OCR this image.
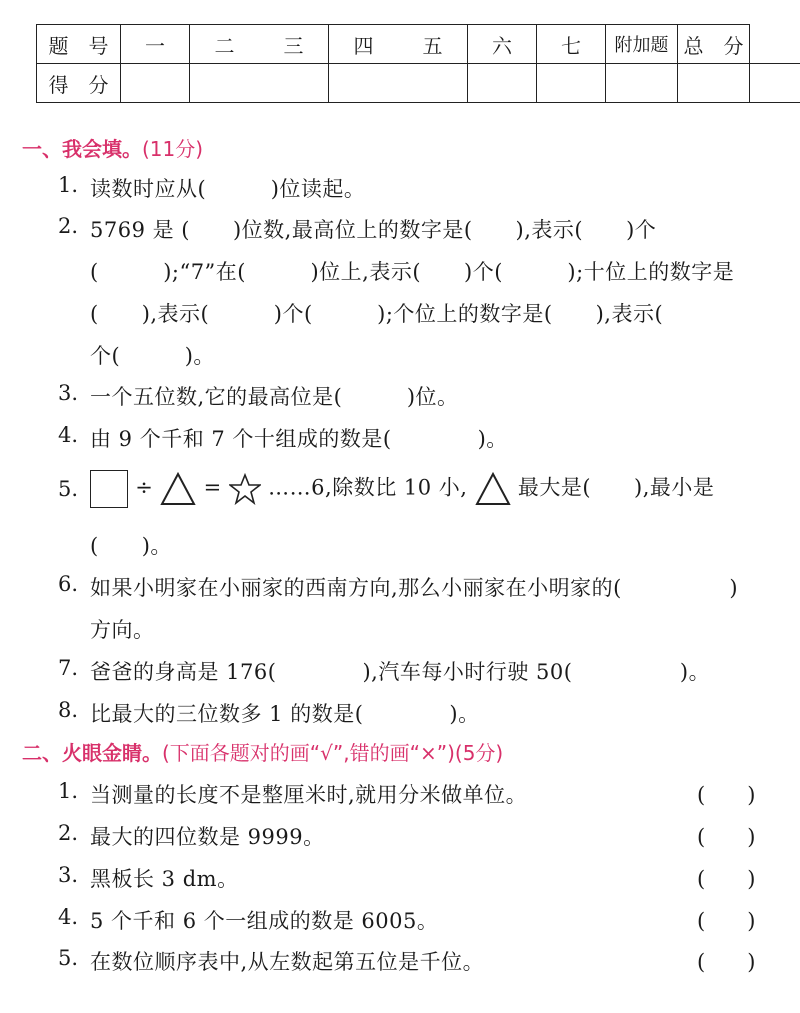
题　号	一	二 三	四 五	六	七	附加题	总　分		
得　分									
一、我会填。(11分)
1. 读数时应从(　　　)位读起。
2. 5769 是 (　　)位数,最高位上的数字是(　　),表示(　　)个
(　　　);“7”在(　　　)位上,表示(　　)个(　　　);十位上的数字是
(　　),表示(　　　)个(　　　);个位上的数字是(　　),表示(　　
个(　　　)。
3. 一个五位数,它的最高位是(　　　)位。
4. 由 9 个千和 7 个十组成的数是(　　　　)。
5.	÷ = ……6,除数比 10 小, 最大是(　　),最小是
(　　)。
6. 如果小明家在小丽家的西南方向,那么小丽家在小明家的(　　　　　)
方向。
7. 爸爸的身高是 176(　　　　),汽车每小时行驶 50(　　　　　)。
8. 比最大的三位数多 1 的数是(　　　　)。
二、火眼金睛。(下面各题对的画“√”,错的画“×”)(5分)
1. 当测量的长度不是整厘米时,就用分米做单位。	(　　)
2. 最大的四位数是 9999。	(　　)
3. 黑板长 3 dm。	(　　)
4. 5 个千和 6 个一组成的数是 6005。	(　　)
5. 在数位顺序表中,从左数起第五位是千位。	(　　)
